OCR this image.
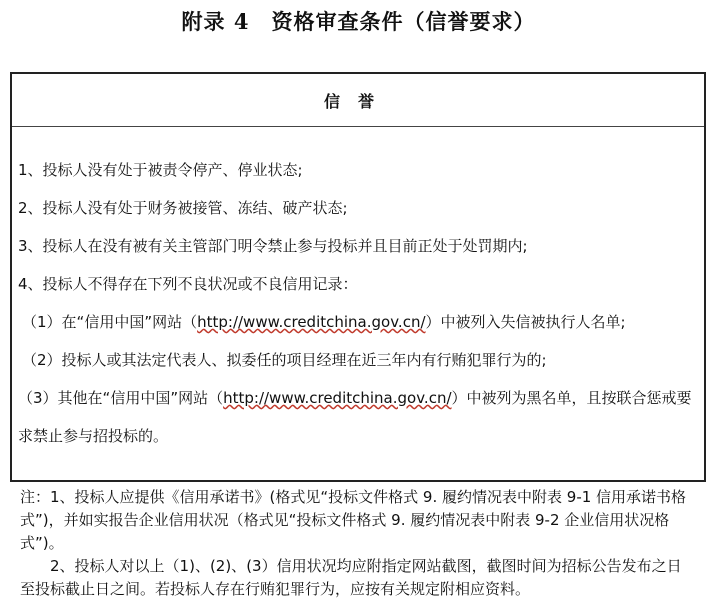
附录 4　资格审查条件（信誉要求）
信誉
1、投标人没有处于被责令停产、停业状态;
2、投标人没有处于财务被接管、冻结、破产状态;
3、投标人在没有被有关主管部门明令禁止参与投标并且目前正处于处罚期内;
4、投标人不得存在下列不良状况或不良信用记录：
（1）在“信用中国”网站（http://www.creditchina.gov.cn/）中被列入失信被执行人名单;
（2）投标人或其法定代表人、拟委任的项目经理在近三年内有行贿犯罪行为的;
（3）其他在“信用中国”网站（http://www.creditchina.gov.cn/）中被列为黑名单，且按联合惩戒要求禁止参与招投标的。

注：1、投标人应提供《信用承诺书》(格式见“投标文件格式 9. 履约情况表中附表 9-1 信用承诺书格式”)，并如实报告企业信用状况（格式见“投标文件格式 9. 履约情况表中附表 9-2 企业信用状况格式”)。

2、投标人对以上（1)、(2)、(3）信用状况均应附指定网站截图，截图时间为招标公告发布之日至投标截止日之间。若投标人存在行贿犯罪行为，应按有关规定附相应资料。
